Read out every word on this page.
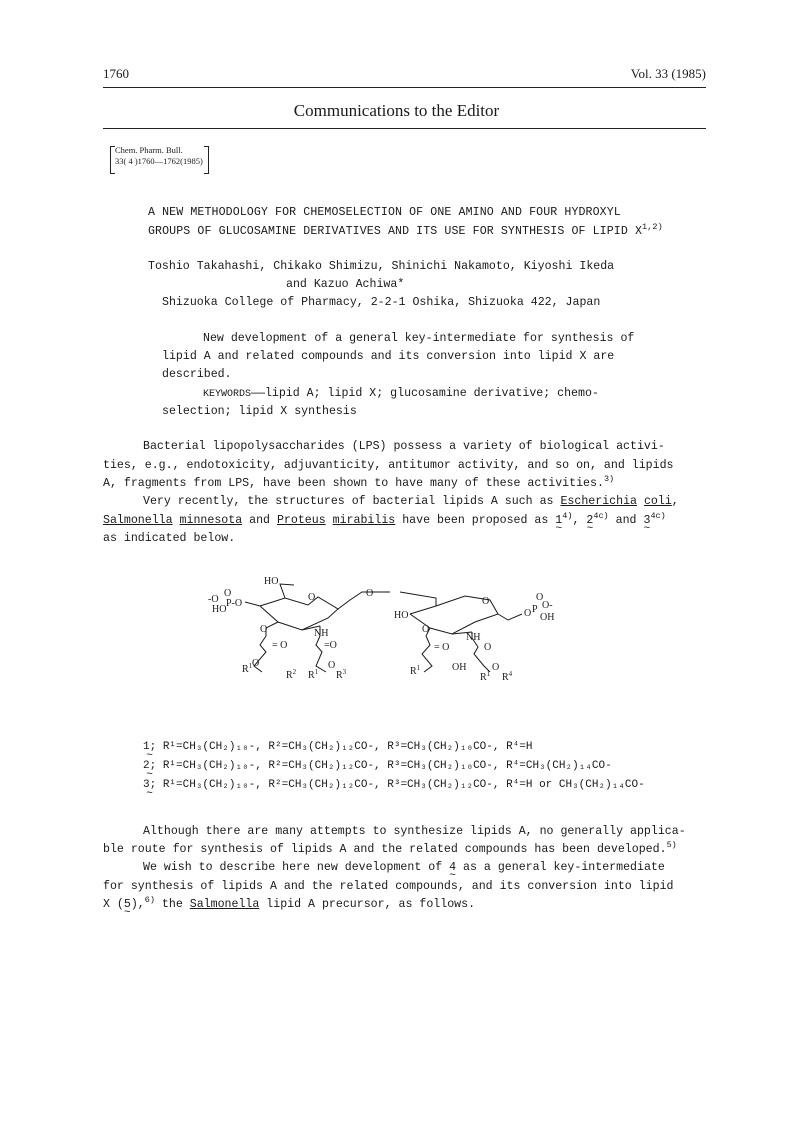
1760	Vol. 33 (1985)
Communications to the Editor
Chem. Pharm. Bull.
33( 4 )1760—1762(1985)
A NEW METHODOLOGY FOR CHEMOSELECTION OF ONE AMINO AND FOUR HYDROXYL
GROUPS OF GLUCOSAMINE DERIVATIVES AND ITS USE FOR SYNTHESIS OF LIPID X$^{1,2)}$
Toshio Takahashi, Chikako Shimizu, Shinichi Nakamoto, Kiyoshi Ikeda
and Kazuo Achiwa*
Shizuoka College of Pharmacy, 2-2-1 Oshika, Shizuoka 422, Japan
New development of a general key-intermediate for synthesis of
lipid A and related compounds and its conversion into lipid X are
described.
KEYWORDS——lipid A; lipid X; glucosamine derivative; chemo-
selection; lipid X synthesis
Bacterial lipopolysaccharides (LPS) possess a variety of biological activi-
ties, e.g., endotoxicity, adjuvanticity, antitumor activity, and so on, and lipids
A, fragments from LPS, have been shown to have many of these activities.$^{3)}$
Very recently, the structures of bacterial lipids A such as Escherichia coli,
Salmonella minnesota and Proteus mirabilis have been proposed as 1 ~$^{4)}$, 2 ~$^{4c)}$ and 3 ~$^{4c)}$
as indicated below.
HO
O	O
O
HO
HO
P-O
O
-O
O	NH
= O	=O
$R^1$ O
$R^2$ $R^1$
O
$R^3$
O
NH
= O	O
$R^1$	OH
$R^1$
O
$R^4$
O P
OH
O
O-
1; ~ R¹=CH₃(CH₂)₁₀-, R²=CH₃(CH₂)₁₂CO-, R³=CH₃(CH₂)₁₀CO-, R⁴=H
2; ~ R¹=CH₃(CH₂)₁₀-, R²=CH₃(CH₂)₁₂CO-, R³=CH₃(CH₂)₁₀CO-, R⁴=CH₃(CH₂)₁₄CO-
3; ~ R¹=CH₃(CH₂)₁₀-, R²=CH₃(CH₂)₁₂CO-, R³=CH₃(CH₂)₁₂CO-, R⁴=H or CH₃(CH₂)₁₄CO-
Although there are many attempts to synthesize lipids A, no generally applica-
ble route for synthesis of lipids A and the related compounds has been developed.$^{5)}$
We wish to describe here new development of 4 ~ as a general key-intermediate
for synthesis of lipids A and the related compounds, and its conversion into lipid
X (5 ~),$^{6)}$ the Salmonella lipid A precursor, as follows.
